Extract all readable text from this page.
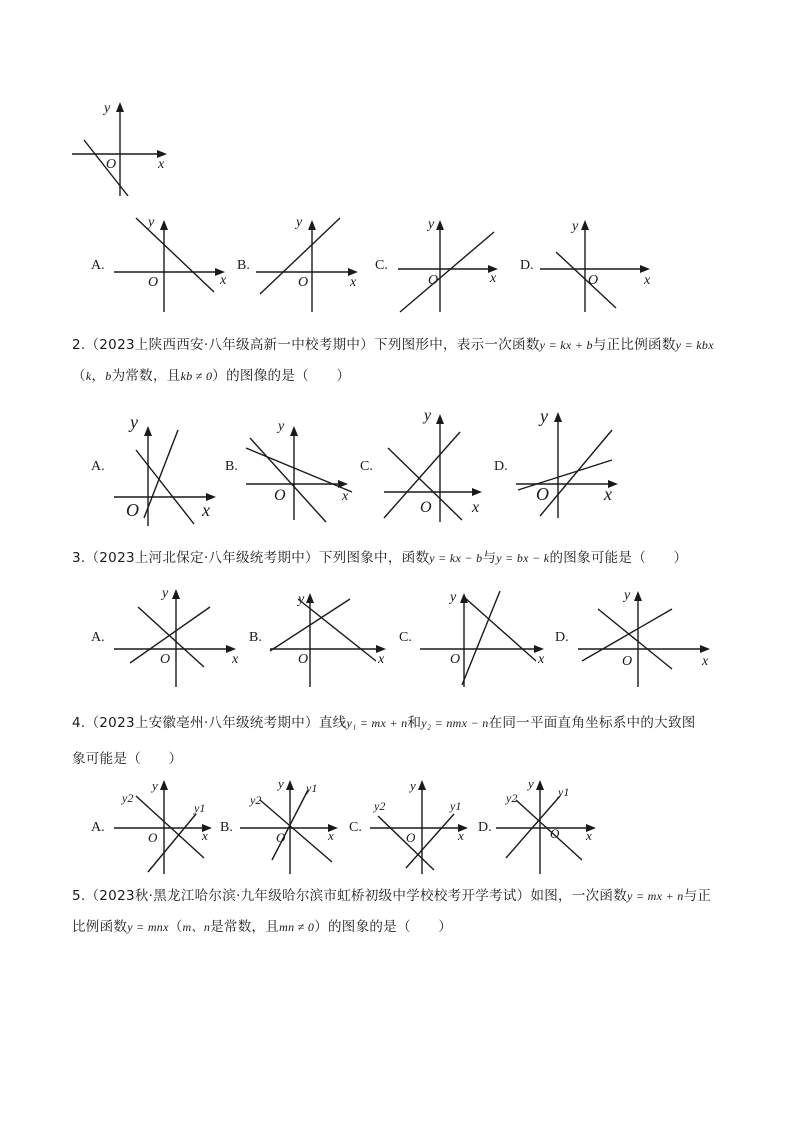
y
x
O
A.
y
x
O
B.
y
x
O
C.
y
x
O
D.
y
x
O
2.（2023上陕西西安·八年级高新一中校考期中）下列图形中，表示一次函数y = kx + b与正比例函数y = kbx
（k，b为常数，且kb ≠ 0）的图像的是（　　）
A.
y
x
O
B.
y
x
O
C.
y
x
O
D.
y
x
O
3.（2023上河北保定·八年级统考期中）下列图象中，函数y = kx − b与y = bx − k的图象可能是（　　）
A.
y
x
O
B.
y
x
O
C.
y
x
O
D.
y
x
O
4.（2023上安徽亳州·八年级统考期中）直线y₁ = mx + n和y₂ = nmx − n在同一平面直角坐标系中的大致图
象可能是（　　）
A.
y
x
O
y2
y1
B.
y
x
O
y2
y1
C.
y
x
O
y2	y1
D.
y
x
O
y2	y1
5.（2023秋·黑龙江哈尔滨·九年级哈尔滨市虹桥初级中学校校考开学考试）如图，一次函数y = mx + n与正
比例函数y = mnx（m、n是常数，且mn ≠ 0）的图象的是（　　）
